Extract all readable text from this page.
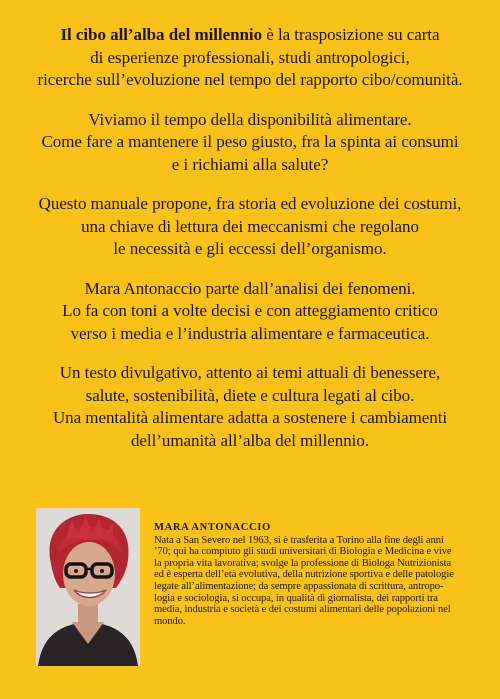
Il cibo all’alba del millennio è la trasposizione su carta
di esperienze professionali, studi antropologici,
ricerche sull’evoluzione nel tempo del rapporto cibo/comunità.

Viviamo il tempo della disponibilità alimentare.
Come fare a mantenere il peso giusto, fra la spinta ai consumi
e i richiami alla salute?

Questo manuale propone, fra storia ed evoluzione dei costumi,
una chiave di lettura dei meccanismi che regolano
le necessità e gli eccessi dell’organismo.

Mara Antonaccio parte dall’analisi dei fenomeni.
Lo fa con toni a volte decisi e con atteggiamento critico
verso i media e l’industria alimentare e farmaceutica.

Un testo divulgativo, attento ai temi attuali di benessere,
salute, sostenibilità, diete e cultura legati al cibo.
Una mentalità alimentare adatta a sostenere i cambiamenti
dell’umanità all’alba del millennio.

MARA ANTONACCIO
Nata a San Severo nel 1963, si è trasferita a Torino alla fine degli anni
’70; qui ha compiuto gli studi universitari di Biologia e Medicina e vive
la propria vita lavorativa; svolge la professione di Biologa Nutrizionista
ed è esperta dell’età evolutiva, della nutrizione sportiva e delle patologie
legate all’alimentazione; da sempre appassionata di scrittura, antropo-
logia e sociologia, si occupa, in qualità di giornalista, dei rapporti tra
media, industria e società e dei costumi alimentari delle popolazioni nel
mondo.
